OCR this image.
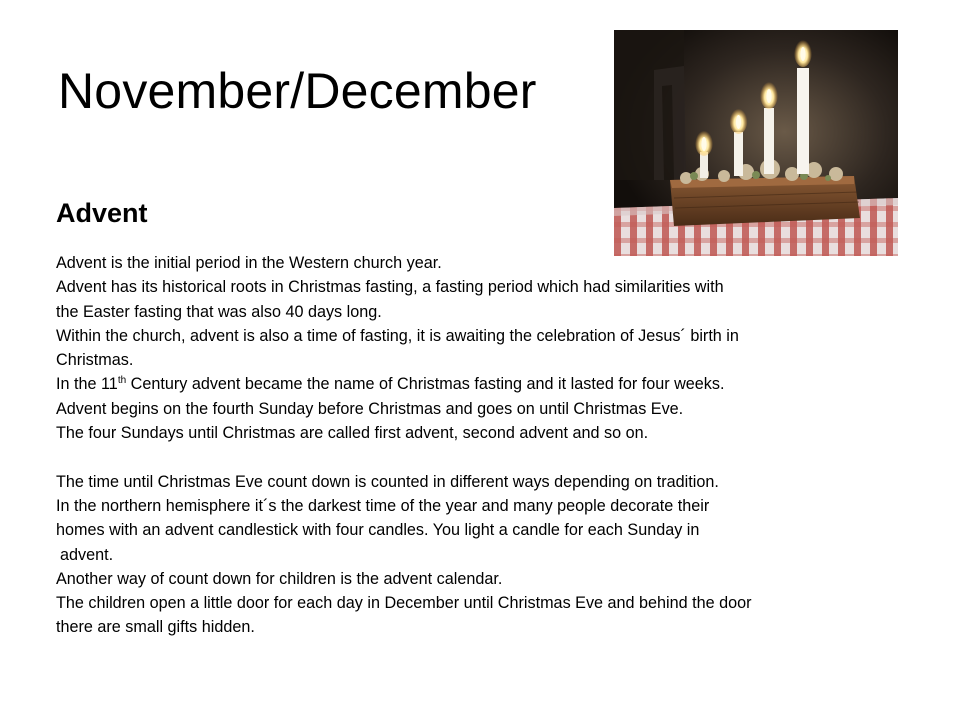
November/December
Advent

Advent is the initial period in the Western church year.

Advent has its historical roots in Christmas fasting, a fasting period which had similarities with

the Easter fasting that was also 40 days long.

Within the church, advent is also a time of fasting, it is awaiting the celebration of Jesus´ birth in

Christmas.

In the 11th Century advent became the name of Christmas fasting and it lasted for four weeks.

Advent begins on the fourth Sunday before Christmas and goes on until Christmas Eve.

The four Sundays until Christmas are called first advent, second advent and so on.

The time until Christmas Eve count down is counted in different ways depending on tradition.

In the northern hemisphere it´s the darkest time of the year and many people decorate their

homes with an advent candlestick with four candles. You light a candle for each Sunday in

advent.

Another way of count down for children is the advent calendar.

The children open a little door for each day in December until Christmas Eve and behind the door

there are small gifts hidden.
